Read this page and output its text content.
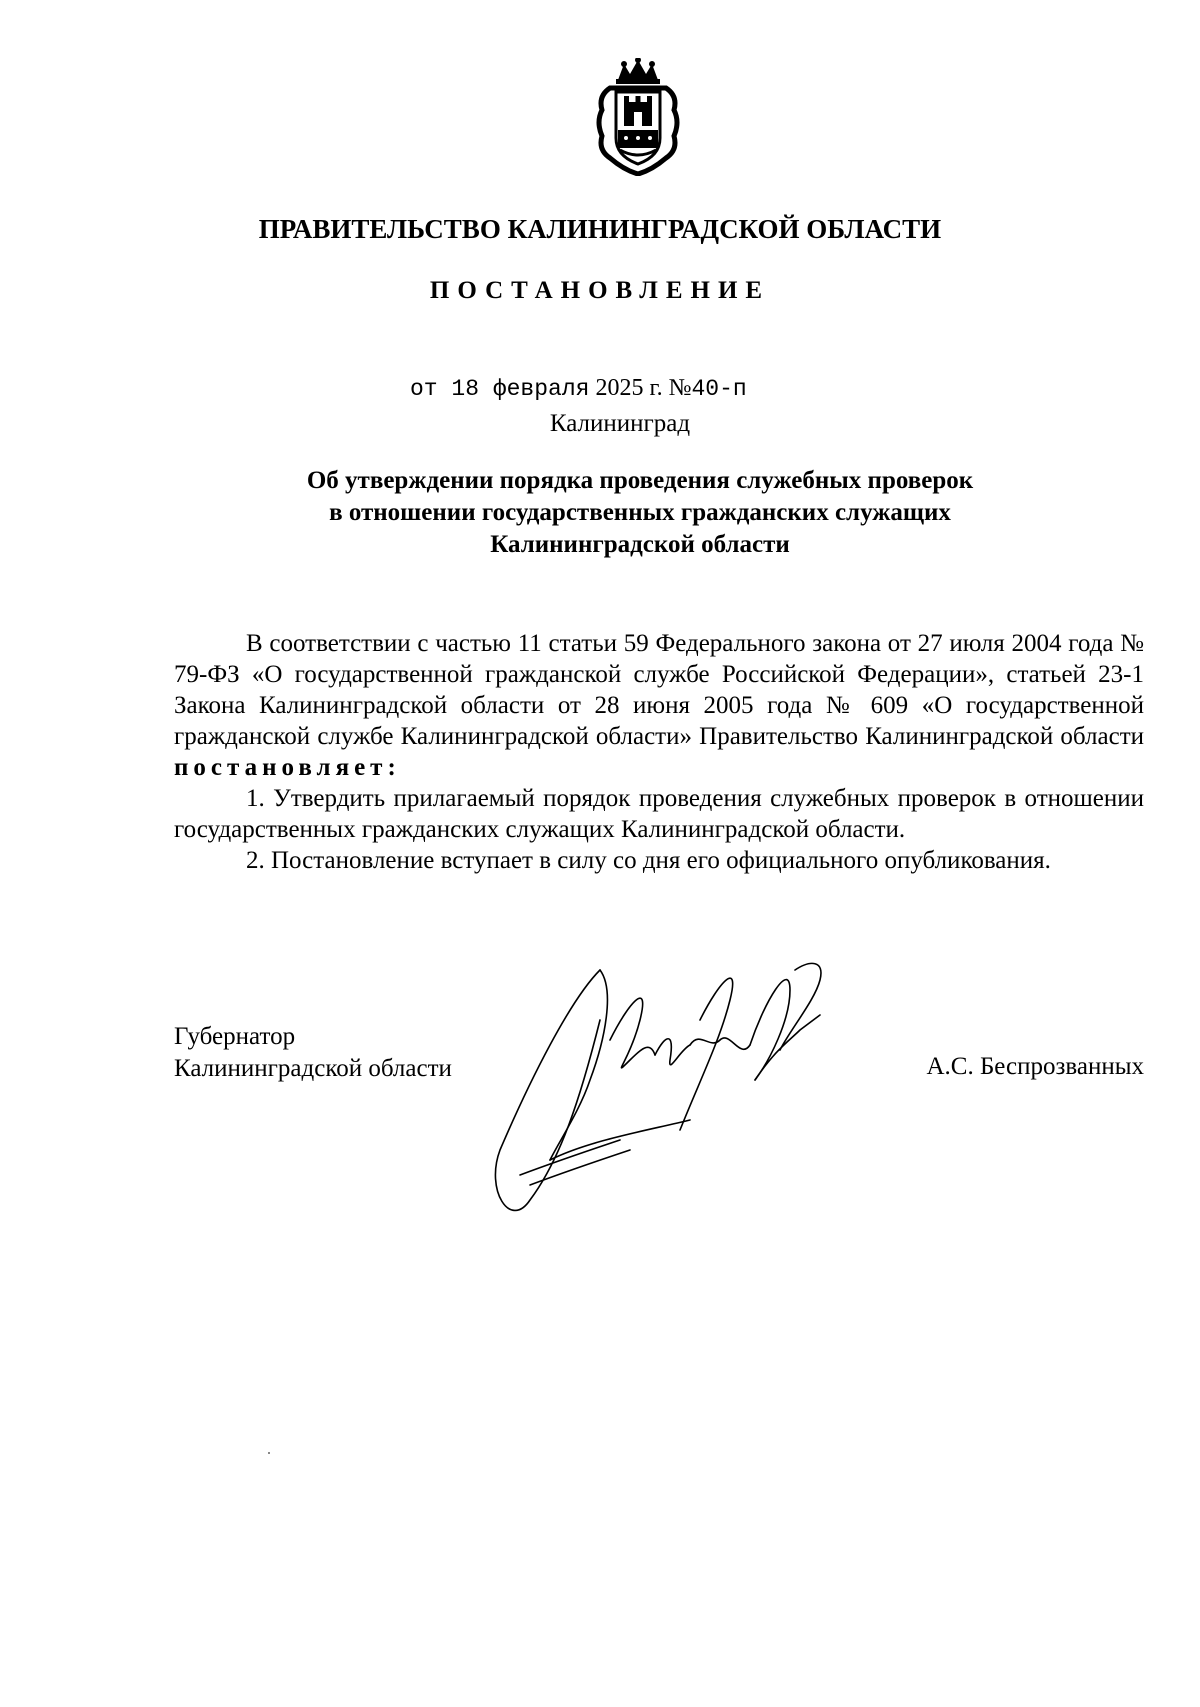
ПРАВИТЕЛЬСТВО КАЛИНИНГРАДСКОЙ ОБЛАСТИ
ПОСТАНОВЛЕНИЕ
от 18 февраля 2025 г. №40-п
Калининград
Об утверждении порядка проведения служебных проверок
в отношении государственных гражданских служащих
Калининградской области

В соответствии с частью 11 статьи 59 Федерального закона от 27 июля 2004 года № 79-ФЗ «О государственной гражданской службе Российской Федерации», статьей 23-1 Закона Калининградской области от 28 июня 2005 года № 609 «О государственной гражданской службе Калининградской области» Правительство Калининградской области постановляет:

1. Утвердить прилагаемый порядок проведения служебных проверок в отношении государственных гражданских служащих Калининградской области.

2. Постановление вступает в силу со дня его официального опубликования.

Губернатор
Калининградской области	А.С. Беспрозванных
